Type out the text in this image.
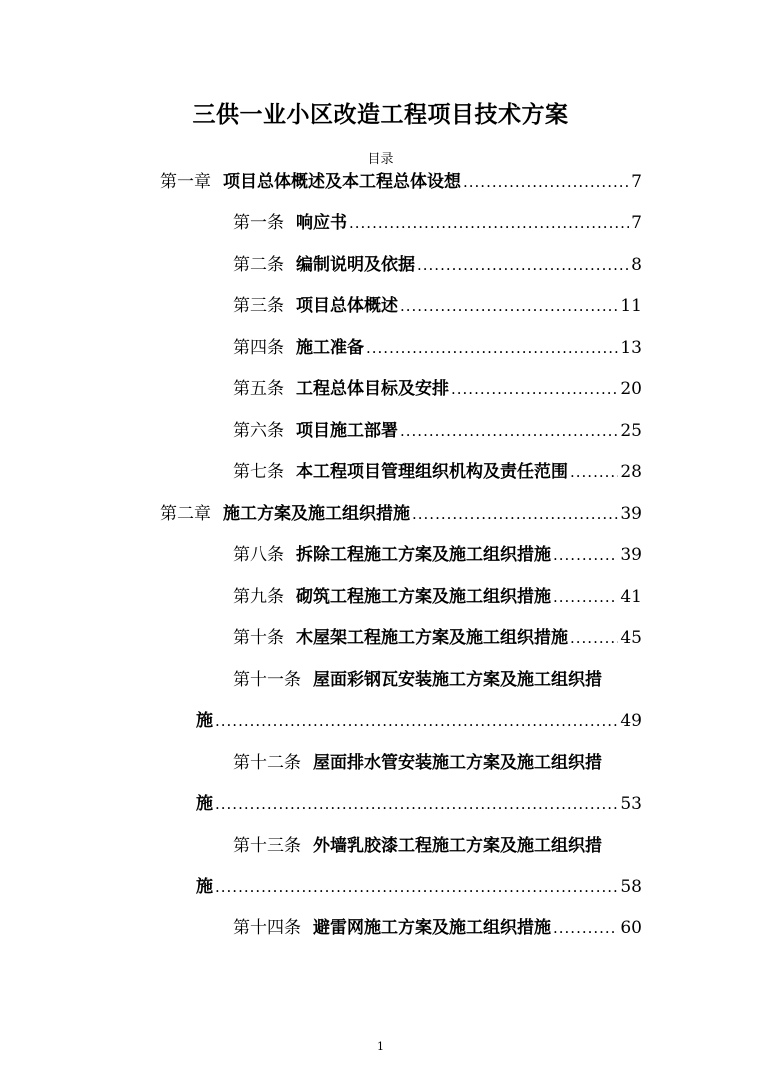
三供一业小区改造工程项目技术方案
目录
第一章 项目总体概述及本工程总体设想 .....	7
第一条 响应书 .....	7
第二条 编制说明及依据 .....	8
第三条 项目总体概述 .....	11
第四条 施工准备 .....	13
第五条 工程总体目标及安排 .....	20
第六条 项目施工部署 .....	25
第七条 本工程项目管理组织机构及责任范围 .....	28
第二章 施工方案及施工组织措施 .....	39
第八条 拆除工程施工方案及施工组织措施 .....	39
第九条 砌筑工程施工方案及施工组织措施 .....	41
第十条 木屋架工程施工方案及施工组织措施 .....	45
第十一条 屋面彩钢瓦安装施工方案及施工组织措
施 .....	49
第十二条 屋面排水管安装施工方案及施工组织措
施 .....	53
第十三条 外墙乳胶漆工程施工方案及施工组织措
施 .....	58
第十四条 避雷网施工方案及施工组织措施 .....	60
1
